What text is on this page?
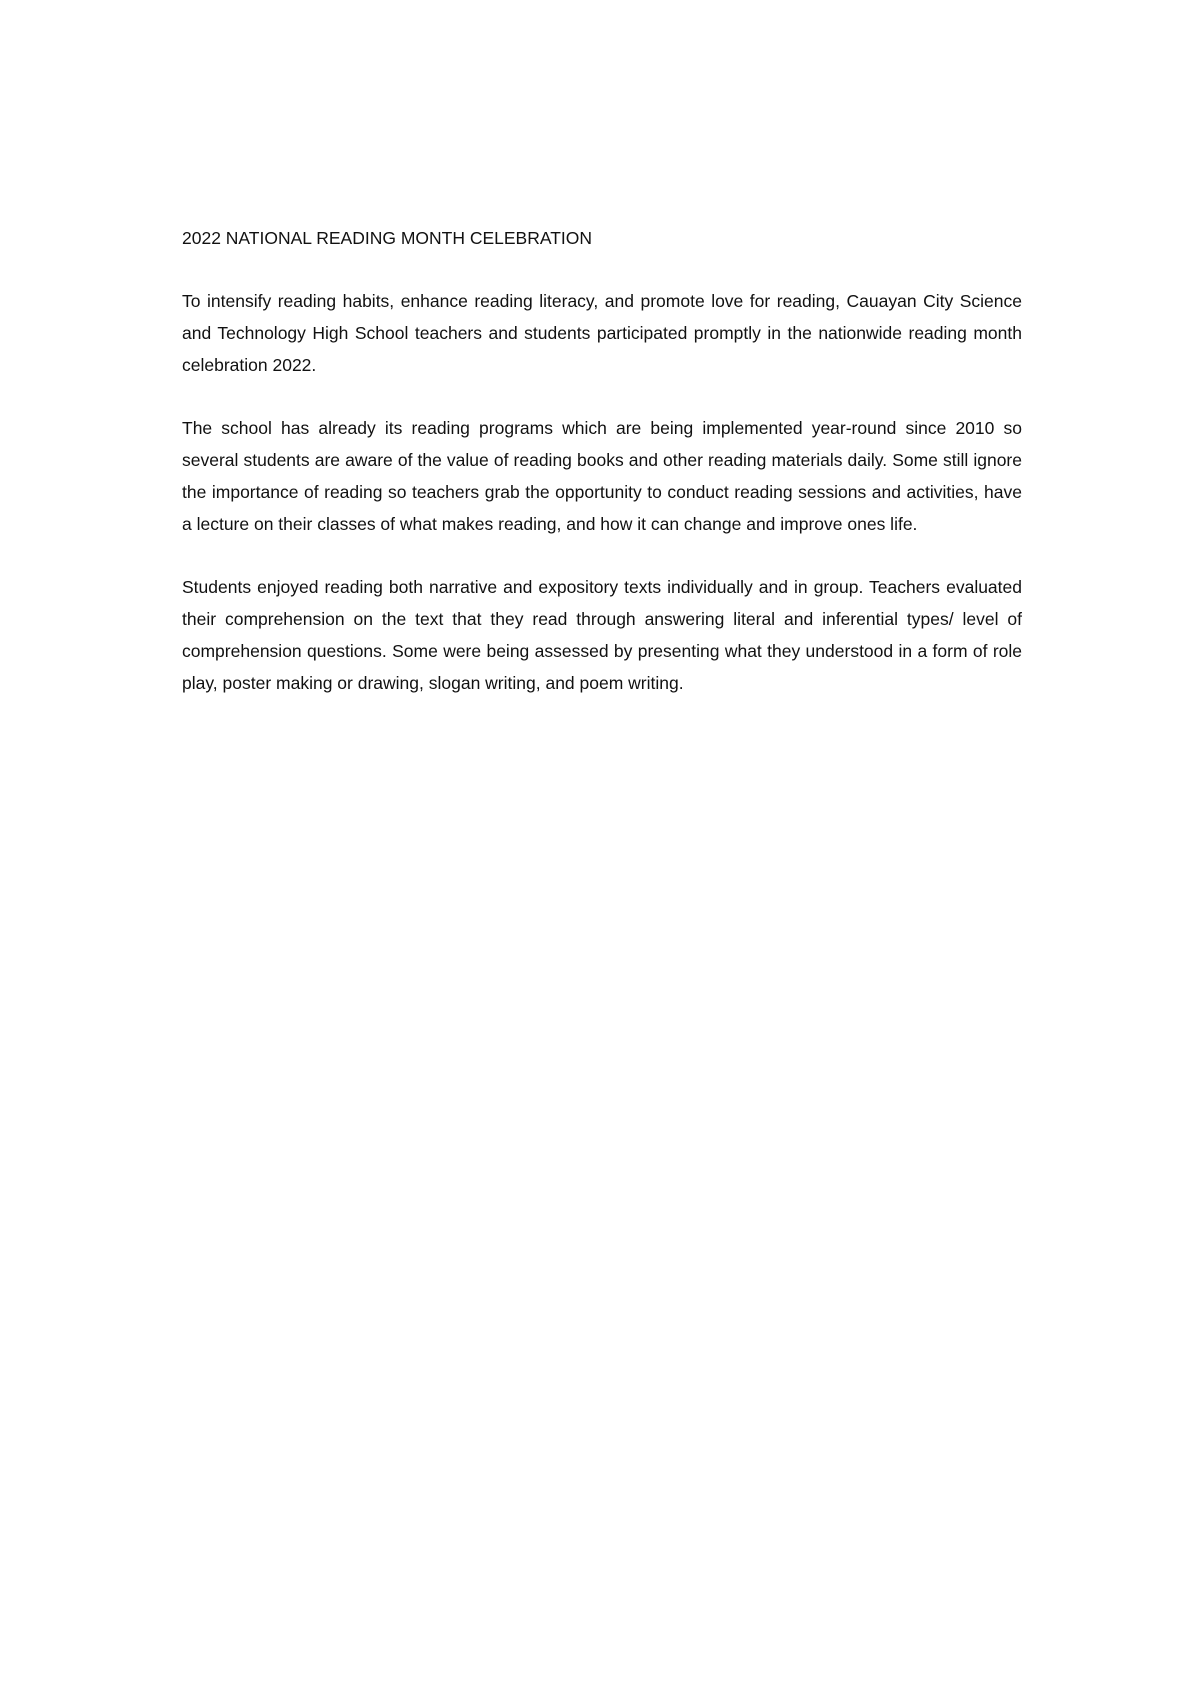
2022 NATIONAL READING MONTH CELEBRATION

To intensify reading habits, enhance reading literacy, and promote love for reading, Cauayan City Science and Technology High School teachers and students participated promptly in the nationwide reading month celebration 2022.

The school has already its reading programs which are being implemented year-round since 2010 so several students are aware of the value of reading books and other reading materials daily. Some still ignore the importance of reading so teachers grab the opportunity to conduct reading sessions and activities, have a lecture on their classes of what makes reading, and how it can change and improve ones life.

Students enjoyed reading both narrative and expository texts individually and in group. Teachers evaluated their comprehension on the text that they read through answering literal and inferential types/ level of comprehension questions. Some were being assessed by presenting what they understood in a form of role play, poster making or drawing, slogan writing, and poem writing.
